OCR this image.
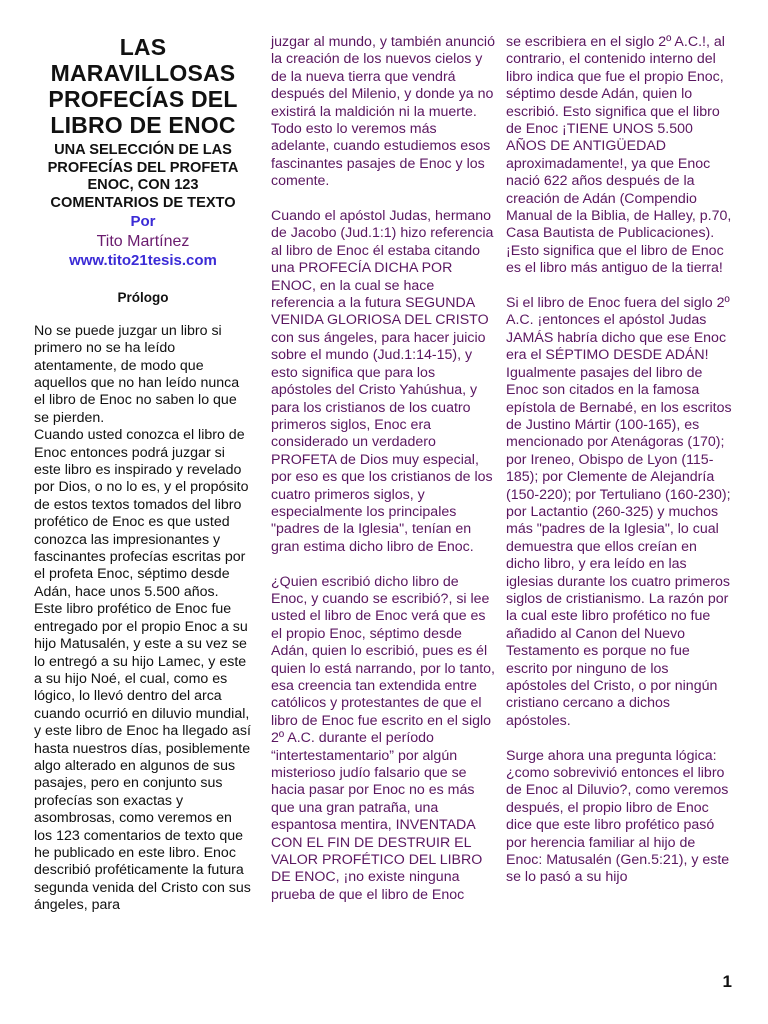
LAS MARAVILLOSAS PROFECÍAS DEL LIBRO DE ENOC
UNA SELECCIÓN DE LAS PROFECÍAS DEL PROFETA ENOC, CON 123 COMENTARIOS DE TEXTO
Por
Tito Martínez
www.tito21tesis.com
Prólogo

No se puede juzgar un libro si primero no se ha leído atentamente, de modo que aquellos que no han leído nunca el libro de Enoc no saben lo que se pierden.

Cuando usted conozca el libro de Enoc entonces podrá juzgar si este libro es inspirado y revelado por Dios, o no lo es, y el propósito de estos textos tomados del libro profético de Enoc es que usted conozca las impresionantes y fascinantes profecías escritas por el profeta Enoc, séptimo desde Adán, hace unos 5.500 años.

Este libro profético de Enoc fue entregado por el propio Enoc a su hijo Matusalén, y este a su vez se lo entregó a su hijo Lamec, y este a su hijo Noé, el cual, como es lógico, lo llevó dentro del arca cuando ocurrió en diluvio mundial, y este libro de Enoc ha llegado así hasta nuestros días, posiblemente algo alterado en algunos de sus pasajes, pero en conjunto sus profecías son exactas y asombrosas, como veremos en los 123 comentarios de texto que he publicado en este libro. Enoc describió proféticamente la futura segunda venida del Cristo con sus ángeles, para

juzgar al mundo, y también anunció la creación de los nuevos cielos y de la nueva tierra que vendrá después del Milenio, y donde ya no existirá la maldición ni la muerte. Todo esto lo veremos más adelante, cuando estudiemos esos fascinantes pasajes de Enoc y los comente.

Cuando el apóstol Judas, hermano de Jacobo (Jud.1:1) hizo referencia al libro de Enoc él estaba citando una PROFECÍA DICHA POR ENOC, en la cual se hace referencia a la futura SEGUNDA VENIDA GLORIOSA DEL CRISTO con sus ángeles, para hacer juicio sobre el mundo (Jud.1:14-15), y esto significa que para los apóstoles del Cristo Yahúshua, y para los cristianos de los cuatro primeros siglos, Enoc era considerado un verdadero PROFETA de Dios muy especial, por eso es que los cristianos de los cuatro primeros siglos, y especialmente los principales "padres de la Iglesia", tenían en gran estima dicho libro de Enoc.

¿Quien escribió dicho libro de Enoc, y cuando se escribió?, si lee usted el libro de Enoc verá que es el propio Enoc, séptimo desde Adán, quien lo escribió, pues es él quien lo está narrando, por lo tanto, esa creencia tan extendida entre católicos y protestantes de que el libro de Enoc fue escrito en el siglo 2º A.C. durante el período “intertestamentario” por algún misterioso judío falsario que se hacia pasar por Enoc no es más que una gran patraña, una espantosa mentira, INVENTADA CON EL FIN DE DESTRUIR EL VALOR PROFÉTICO DEL LIBRO DE ENOC, ¡no existe ninguna prueba de que el libro de Enoc

se escribiera en el siglo 2º A.C.!, al contrario, el contenido interno del libro indica que fue el propio Enoc, séptimo desde Adán, quien lo escribió. Esto significa que el libro de Enoc ¡TIENE UNOS 5.500 AÑOS DE ANTIGÜEDAD aproximadamente!, ya que Enoc nació 622 años después de la creación de Adán (Compendio Manual de la Biblia, de Halley, p.70, Casa Bautista de Publicaciones). ¡Esto significa que el libro de Enoc es el libro más antiguo de la tierra!

Si el libro de Enoc fuera del siglo 2º A.C. ¡entonces el apóstol Judas JAMÁS habría dicho que ese Enoc era el SÉPTIMO DESDE ADÁN! Igualmente pasajes del libro de Enoc son citados en la famosa epístola de Bernabé, en los escritos de Justino Mártir (100-165), es mencionado por Atenágoras (170); por Ireneo, Obispo de Lyon (115-185); por Clemente de Alejandría (150-220); por Tertuliano (160-230); por Lactantio (260-325) y muchos más "padres de la Iglesia", lo cual demuestra que ellos creían en dicho libro, y era leído en las iglesias durante los cuatro primeros siglos de cristianismo. La razón por la cual este libro profético no fue añadido al Canon del Nuevo Testamento es porque no fue escrito por ninguno de los apóstoles del Cristo, o por ningún cristiano cercano a dichos apóstoles.

Surge ahora una pregunta lógica: ¿como sobrevivió entonces el libro de Enoc al Diluvio?, como veremos después, el propio libro de Enoc dice que este libro profético pasó por herencia familiar al hijo de Enoc: Matusalén (Gen.5:21), y este se lo pasó a su hijo

1
